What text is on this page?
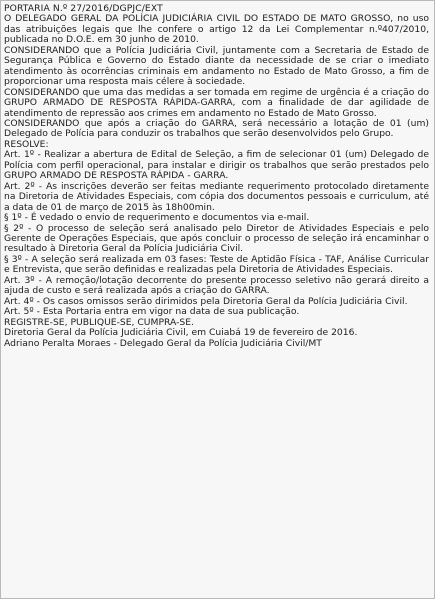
PORTARIA N.º 27/2016/DGPJC/EXT

O DELEGADO GERAL DA POLÍCIA JUDICIÁRIA CIVIL DO ESTADO DE MATO GROSSO, no uso das atribuições legais que lhe confere o artigo 12 da Lei Complementar n.º407/2010, publicada no D.O.E. em 30 junho de 2010.

CONSIDERANDO que a Polícia Judiciária Civil, juntamente com a Secretaria de Estado de Segurança Pública e Governo do Estado diante da necessidade de se criar o imediato atendimento às ocorrências criminais em andamento no Estado de Mato Grosso, a fim de proporcionar uma resposta mais célere à sociedade.

CONSIDERANDO que uma das medidas a ser tomada em regime de urgência é a criação do GRUPO ARMADO DE RESPOSTA RÁPIDA-GARRA, com a finalidade de dar agilidade de atendimento de repressão aos crimes em andamento no Estado de Mato Grosso.

CONSIDERANDO que após a criação do GARRA, será necessário a lotação de 01 (um) Delegado de Polícia para conduzir os trabalhos que serão desenvolvidos pelo Grupo.

RESOLVE:

Art. 1º - Realizar a abertura de Edital de Seleção, a fim de selecionar 01 (um) Delegado de Polícia com perfil operacional, para instalar e dirigir os trabalhos que serão prestados pelo GRUPO ARMADO DE RESPOSTA RÁPIDA - GARRA.

Art. 2º - As inscrições deverão ser feitas mediante requerimento protocolado diretamente na Diretoria de Atividades Especiais, com cópia dos documentos pessoais e curriculum, até a data de 01 de março de 2015 às 18h00min.

§ 1º - É vedado o envio de requerimento e documentos via e-mail.

§ 2º - O processo de seleção será analisado pelo Diretor de Atividades Especiais e pelo Gerente de Operações Especiais, que após concluir o processo de seleção irá encaminhar o resultado à Diretoria Geral da Polícia Judiciária Civil.

§ 3º - A seleção será realizada em 03 fases: Teste de Aptidão Física - TAF, Análise Curricular e Entrevista, que serão definidas e realizadas pela Diretoria de Atividades Especiais.

Art. 3º - A remoção/lotação decorrente do presente processo seletivo não gerará direito a ajuda de custo e será realizada após a criação do GARRA.

Art. 4º - Os casos omissos serão dirimidos pela Diretoria Geral da Polícia Judiciária Civil.

Art. 5º - Esta Portaria entra em vigor na data de sua publicação.

REGISTRE-SE, PUBLIQUE-SE, CUMPRA-SE.

Diretoria Geral da Polícia Judiciária Civil, em Cuiabá 19 de fevereiro de 2016.

Adriano Peralta Moraes - Delegado Geral da Polícia Judiciária Civil/MT
